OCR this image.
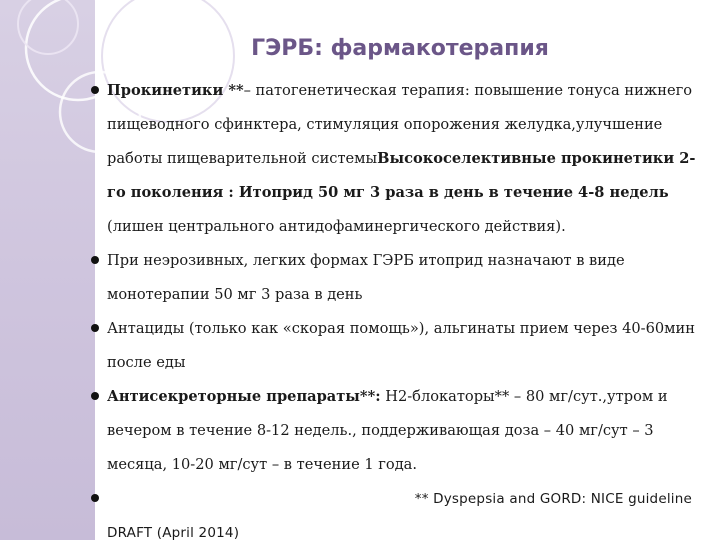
ГЭРБ: фармакотерапия
Прокинетики **– патогенетическая терапия: повышение тонуса нижнего пищеводного сфинктера, стимуляция опорожения желудка,улучшение работы пищеварительной системыВысокоселективные прокинетики 2-го поколения : Итоприд 50 мг 3 раза в день в течение 4-8 недель (лишен центрального антидофаминергического действия).
При неэрозивных, легких формах ГЭРБ итоприд назначают в виде монотерапии 50 мг 3 раза в день
Антациды (только как «скорая помощь»), альгинаты прием через 40-60мин после еды
Антисекреторные препараты**: Н2-блокаторы** – 80 мг/сут.,утром и вечером в течение 8-12 недель., поддерживающая доза – 40 мг/сут – 3 месяца, 10-20 мг/сут – в течение 1 года.
** Dyspepsia and GORD: NICE guideline
DRAFT (April 2014)
